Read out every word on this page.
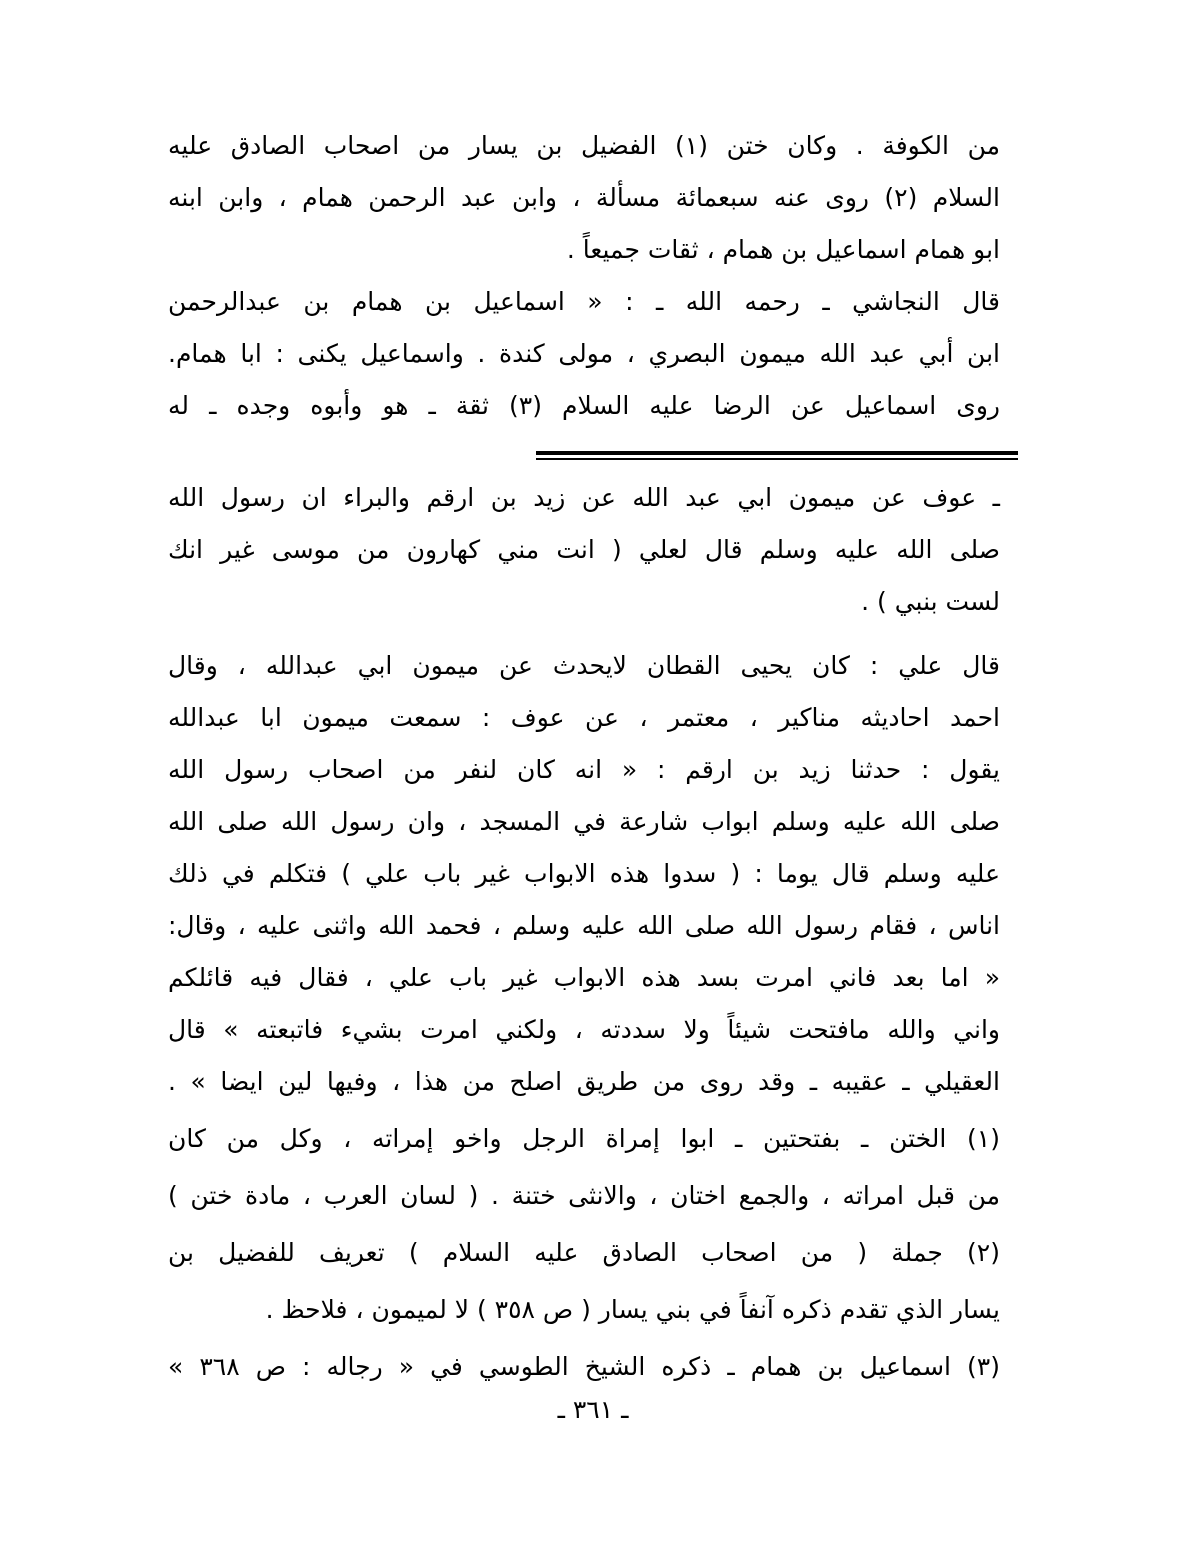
من الكوفة . وكان ختن (١) الفضيل بن يسار من اصحاب الصادق عليه
السلام (٢) روى عنه سبعمائة مسألة ، وابن عبد الرحمن همام ، وابن ابنه
ابو همام اسماعيل بن همام ، ثقات جميعاً .
قال النجاشي ـ رحمه الله ـ : « اسماعيل بن همام بن عبدالرحمن
ابن أبي عبد الله ميمون البصري ، مولى كندة . واسماعيل يكنى : ابا همام.
روى اسماعيل عن الرضا عليه السلام (٣) ثقة ـ هو وأبوه وجده ـ له
ـ عوف عن ميمون ابي عبد الله عن زيد بن ارقم والبراء ان رسول الله
صلى الله عليه وسلم قال لعلي ( انت مني كهارون من موسى غير انك
لست بنبي ) .
قال علي : كان يحيى القطان لايحدث عن ميمون ابي عبدالله ، وقال
احمد احاديثه مناكير ، معتمر ، عن عوف : سمعت ميمون ابا عبدالله
يقول : حدثنا زيد بن ارقم : « انه كان لنفر من اصحاب رسول الله
صلى الله عليه وسلم ابواب شارعة في المسجد ، وان رسول الله صلى الله
عليه وسلم قال يوما : ( سدوا هذه الابواب غير باب علي ) فتكلم في ذلك
اناس ، فقام رسول الله صلى الله عليه وسلم ، فحمد الله واثنى عليه ، وقال:
« اما بعد فاني امرت بسد هذه الابواب غير باب علي ، فقال فيه قائلكم
واني والله مافتحت شيئاً ولا سددته ، ولكني امرت بشيء فاتبعته » قال
العقيلي ـ عقيبه ـ وقد روى من طريق اصلح من هذا ، وفيها لين ايضا » .
(١) الختن ـ بفتحتين ـ ابوا إمراة الرجل واخو إمراته ، وكل من كان
من قبل امراته ، والجمع اختان ، والانثى ختنة . ( لسان العرب ، مادة ختن )
(٢) جملة ( من اصحاب الصادق عليه السلام ) تعريف للفضيل بن
يسار الذي تقدم ذكره آنفاً في بني يسار ( ص ٣٥٨ ) لا لميمون ، فلاحظ .
(٣) اسماعيل بن همام ـ ذكره الشيخ الطوسي في « رجاله : ص ٣٦٨ »
ـ ٣٦١ ـ
